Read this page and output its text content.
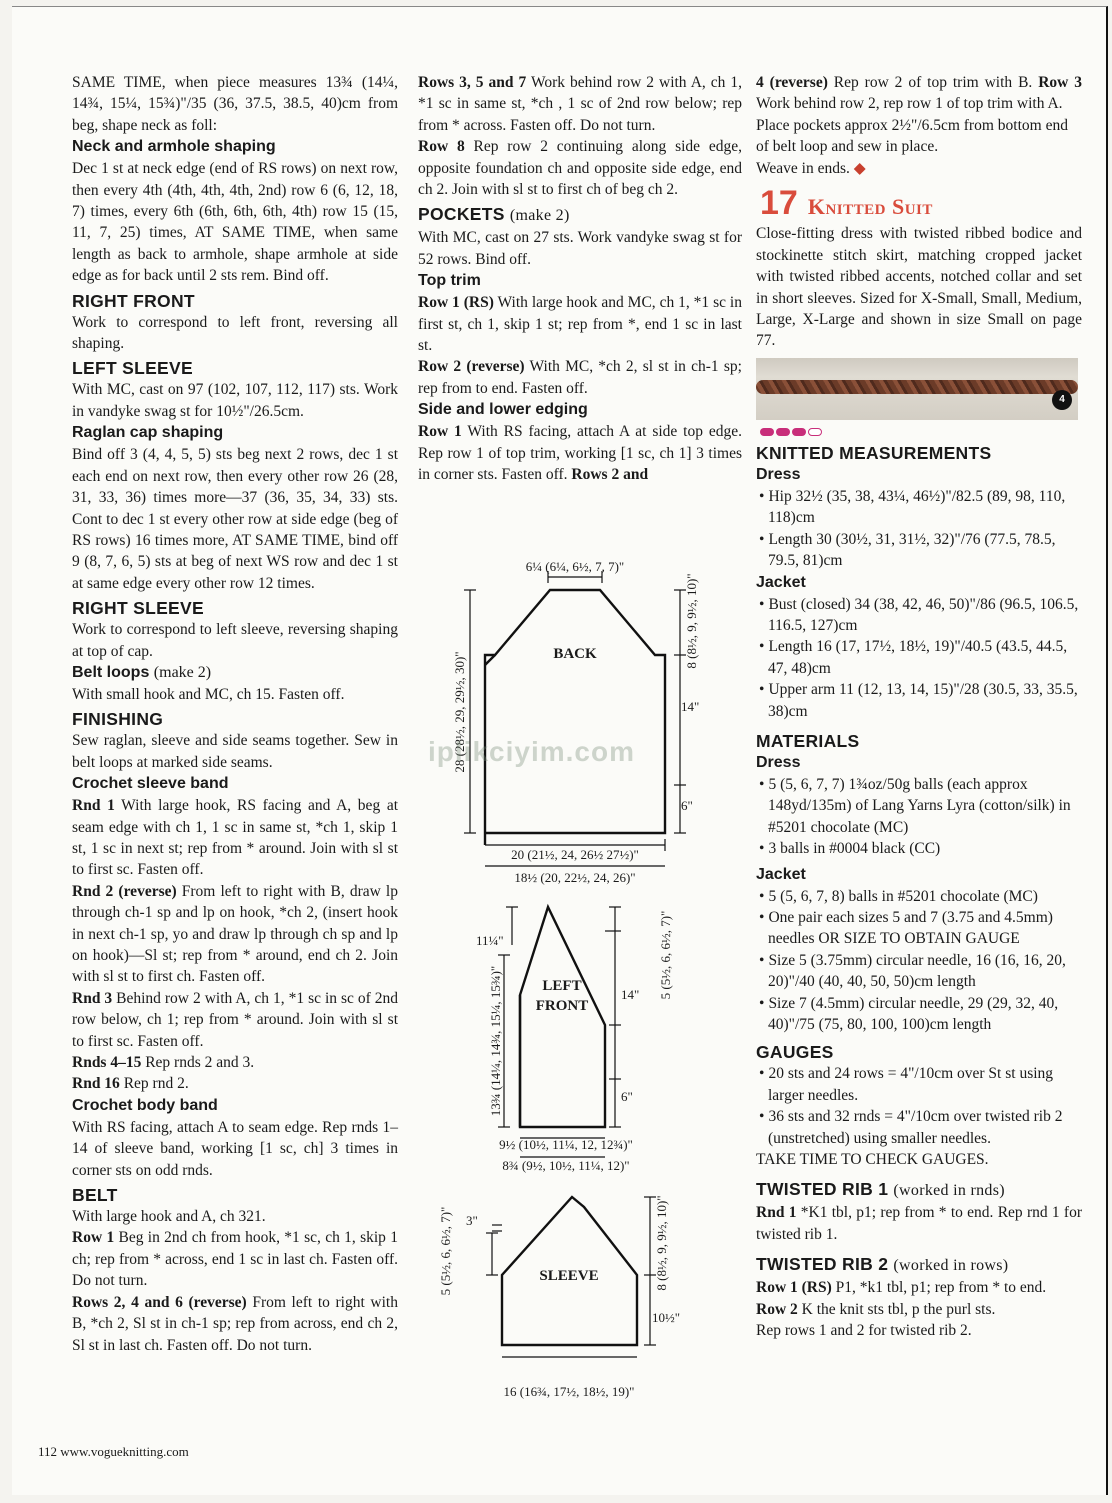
SAME TIME, when piece measures 13¾ (14¼, 14¾, 15¼, 15¾)"/35 (36, 37.5, 38.5, 40)cm from beg, shape neck as foll:

Neck and armhole shaping

Dec 1 st at neck edge (end of RS rows) on next row, then every 4th (4th, 4th, 4th, 2nd) row 6 (6, 12, 18, 7) times, every 6th (6th, 6th, 6th, 4th) row 15 (15, 11, 7, 25) times, AT SAME TIME, when same length as back to armhole, shape armhole at side edge as for back until 2 sts rem. Bind off.

RIGHT FRONT

Work to correspond to left front, reversing all shaping.

LEFT SLEEVE

With MC, cast on 97 (102, 107, 112, 117) sts. Work in vandyke swag st for 10½"/26.5cm.

Raglan cap shaping

Bind off 3 (4, 4, 5, 5) sts beg next 2 rows, dec 1 st each end on next row, then every other row 26 (28, 31, 33, 36) times more—37 (36, 35, 34, 33) sts. Cont to dec 1 st every other row at side edge (beg of RS rows) 16 times more, AT SAME TIME, bind off 9 (8, 7, 6, 5) sts at beg of next WS row and dec 1 st at same edge every other row 12 times.

RIGHT SLEEVE

Work to correspond to left sleeve, reversing shaping at top of cap.

Belt loops (make 2)

With small hook and MC, ch 15. Fasten off.

FINISHING

Sew raglan, sleeve and side seams together. Sew in belt loops at marked side seams.

Crochet sleeve band

Rnd 1 With large hook, RS facing and A, beg at seam edge with ch 1, 1 sc in same st, *ch 1, skip 1 st, 1 sc in next st; rep from * around. Join with sl st to first sc. Fasten off.

Rnd 2 (reverse) From left to right with B, draw lp through ch-1 sp and lp on hook, *ch 2, (insert hook in next ch-1 sp, yo and draw lp through ch sp and lp on hook)—Sl st; rep from * around, end ch 2. Join with sl st to first ch. Fasten off.

Rnd 3 Behind row 2 with A, ch 1, *1 sc in sc of 2nd row below, ch 1; rep from * around. Join with sl st to first sc. Fasten off.

Rnds 4–15 Rep rnds 2 and 3.

Rnd 16 Rep rnd 2.

Crochet body band

With RS facing, attach A to seam edge. Rep rnds 1–14 of sleeve band, working [1 sc, ch] 3 times in corner sts on odd rnds.

BELT

With large hook and A, ch 321.

Row 1 Beg in 2nd ch from hook, *1 sc, ch 1, skip 1 ch; rep from * across, end 1 sc in last ch. Fasten off. Do not turn.

Rows 2, 4 and 6 (reverse) From left to right with B, *ch 2, Sl st in ch-1 sp; rep from across, end ch 2, Sl st in last ch. Fasten off. Do not turn.

Rows 3, 5 and 7 Work behind row 2 with A, ch 1, *1 sc in same st, *ch , 1 sc of 2nd row below; rep from * across. Fasten off. Do not turn.

Row 8 Rep row 2 continuing along side edge, opposite foundation ch and opposite side edge, end ch 2. Join with sl st to first ch of beg ch 2.

POCKETS (make 2)

With MC, cast on 27 sts. Work vandyke swag st for 52 rows. Bind off.

Top trim

Row 1 (RS) With large hook and MC, ch 1, *1 sc in first st, ch 1, skip 1 st; rep from *, end 1 sc in last st.

Row 2 (reverse) With MC, *ch 2, sl st in ch-1 sp; rep from to end. Fasten off.

Side and lower edging

Row 1 With RS facing, attach A at side top edge. Rep row 1 of top trim, working [1 sc, ch 1] 3 times in corner sts. Fasten off. Rows 2 and

6¼ (6¼, 6½, 7, 7)"
BACK
28 (28½, 29, 29½, 30)"
8 (8½, 9, 9½, 10)"
14"
6"
20 (21½, 24, 26½ 27½)"
18½ (20, 22½, 24, 26)"
LEFT
FRONT
11¼"
13¾ (14¼, 14¾, 15¼, 15¾)"
5 (5½, 6, 6½, 7)"
14"
6"
9½ (10½, 11¼, 12, 12¾)"
8¾ (9½, 10½, 11¼, 12)"
SLEEVE
5 (5½, 6, 6½, 7)" 3"	8 (8½, 9, 9½, 10)"
10½"
16 (16¾, 17½, 18½, 19)"
iplikciyim.com

4 (reverse) Rep row 2 of top trim with B. Row 3 Work behind row 2, rep row 1 of top trim with A.

Place pockets approx 2½"/6.5cm from bottom end of belt loop and sew in place.

Weave in ends. ◆

17 Knitted Suit

Close-fitting dress with twisted ribbed bodice and stockinette stitch skirt, matching cropped jacket with twisted ribbed accents, notched collar and set in short sleeves. Sized for X-Small, Small, Medium, Large, X-Large and shown in size Small on page 77.

4
KNITTED MEASUREMENTS
Dress
• Hip 32½ (35, 38, 43¼, 46½)"/82.5 (89, 98, 110, 118)cm
• Length 30 (30½, 31, 31½, 32)"/76 (77.5, 78.5, 79.5, 81)cm
Jacket
• Bust (closed) 34 (38, 42, 46, 50)"/86 (96.5, 106.5, 116.5, 127)cm
• Length 16 (17, 17½, 18½, 19)"/40.5 (43.5, 44.5, 47, 48)cm
• Upper arm 11 (12, 13, 14, 15)"/28 (30.5, 33, 35.5, 38)cm
MATERIALS
Dress
• 5 (5, 6, 7, 7) 1¾oz/50g balls (each approx 148yd/135m) of Lang Yarns Lyra (cotton/silk) in #5201 chocolate (MC)
• 3 balls in #0004 black (CC)
Jacket
• 5 (5, 6, 7, 8) balls in #5201 chocolate (MC)
• One pair each sizes 5 and 7 (3.75 and 4.5mm) needles OR SIZE TO OBTAIN GAUGE
• Size 5 (3.75mm) circular needle, 16 (16, 16, 20, 20)"/40 (40, 40, 50, 50)cm length
• Size 7 (4.5mm) circular needle, 29 (29, 32, 40, 40)"/75 (75, 80, 100, 100)cm length
GAUGES
• 20 sts and 24 rows = 4"/10cm over St st using larger needles.
• 36 sts and 32 rnds = 4"/10cm over twisted rib 2 (unstretched) using smaller needles.

TAKE TIME TO CHECK GAUGES.

TWISTED RIB 1 (worked in rnds)

Rnd 1 *K1 tbl, p1; rep from * to end. Rep rnd 1 for twisted rib 1.

TWISTED RIB 2 (worked in rows)

Row 1 (RS) P1, *k1 tbl, p1; rep from * to end.

Row 2 K the knit sts tbl, p the purl sts.

Rep rows 1 and 2 for twisted rib 2.

112 www.vogueknitting.com
